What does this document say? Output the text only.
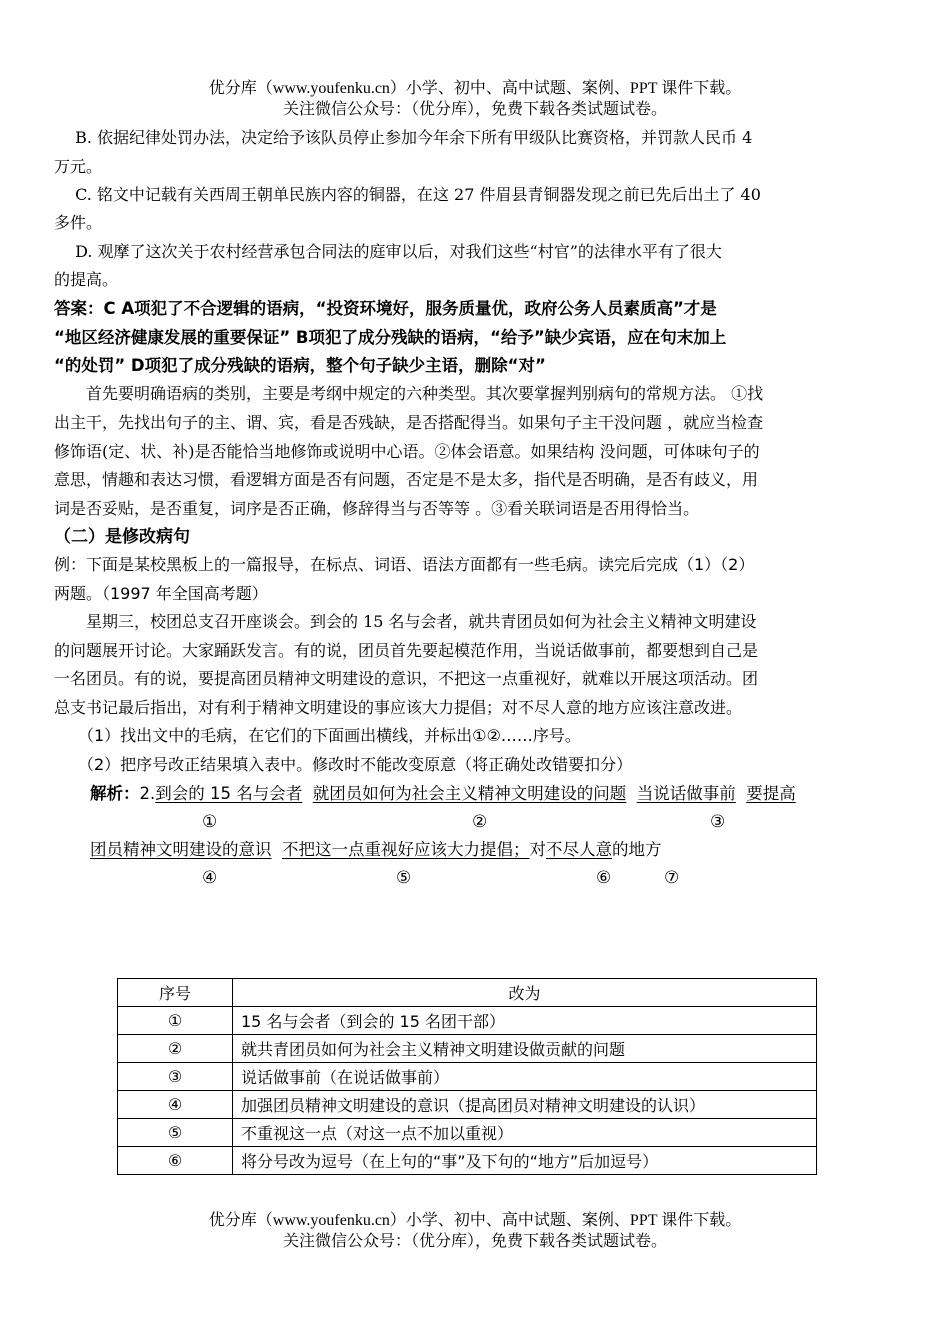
优分库（www.youfenku.cn）小学、初中、高中试题、案例、PPT 课件下载。
关注微信公众号：（优分库），免费下载各类试题试卷。
　 B. 依据纪律处罚办法，决定给予该队员停止参加今年余下所有甲级队比赛资格，并罚款人民币 4
万元。
　 C. 铭文中记载有关西周王朝单民族内容的铜器，在这 27 件眉县青铜器发现之前已先后出土了 40
多件。
　 D. 观摩了这次关于农村经营承包合同法的庭审以后，对我们这些“村官”的法律水平有了很大
的提高。
答案：C A项犯了不合逻辑的语病，“投资环境好，服务质量优，政府公务人员素质高”才是
“地区经济健康发展的重要保证” B项犯了成分残缺的语病，“给予”缺少宾语，应在句末加上
“的处罚” D项犯了成分残缺的语病，整个句子缺少主语，删除“对”
　　首先要明确语病的类别，主要是考纲中规定的六种类型。其次要掌握判别病句的常规方法。 ①找
出主干，先找出句子的主、谓、宾，看是否残缺，是否搭配得当。如果句子主干没问题 ，就应当检查
修饰语(定、状、补)是否能恰当地修饰或说明中心语。②体会语意。如果结构 没问题，可体味句子的
意思，情趣和表达习惯，看逻辑方面是否有问题，否定是不是太多，指代是否明确，是否有歧义，用
词是否妥贴，是否重复，词序是否正确，修辞得当与否等等 。③看关联词语是否用得恰当。
（二）是修改病句
例：下面是某校黑板上的一篇报导，在标点、词语、语法方面都有一些毛病。读完后完成（1）（2）
两题。（1997 年全国高考题）
　　星期三，校团总支召开座谈会。到会的 15 名与会者，就共青团员如何为社会主义精神文明建设
的问题展开讨论。大家踊跃发言。有的说，团员首先要起模范作用，当说话做事前，都要想到自己是
一名团员。有的说，要提高团员精神文明建设的意识，不把这一点重视好，就难以开展这项活动。团
总支书记最后指出，对有利于精神文明建设的事应该大力提倡；对不尽人意的地方应该注意改进。
　　（1）找出文中的毛病，在它们的下面画出横线，并标出①②……序号。
　　（2）把序号改正结果填入表中。修改时不能改变原意（将正确处改错要扣分）
解析：2.到会的 15 名与会者 就团员如何为社会主义精神文明建设的问题 当说话做事前 要提高
①	②	③
团员精神文明建设的意识 不把这一点重视好应该大力提倡；对不尽人意的地方
④	⑤	⑥	⑦
序号	改为
①	15 名与会者（到会的 15 名团干部）
②	就共青团员如何为社会主义精神文明建设做贡献的问题
③	说话做事前（在说话做事前）
④	加强团员精神文明建设的意识（提高团员对精神文明建设的认识）
⑤	不重视这一点（对这一点不加以重视）
⑥	将分号改为逗号（在上句的“事”及下句的“地方”后加逗号）
优分库（www.youfenku.cn）小学、初中、高中试题、案例、PPT 课件下载。
关注微信公众号：（优分库），免费下载各类试题试卷。
